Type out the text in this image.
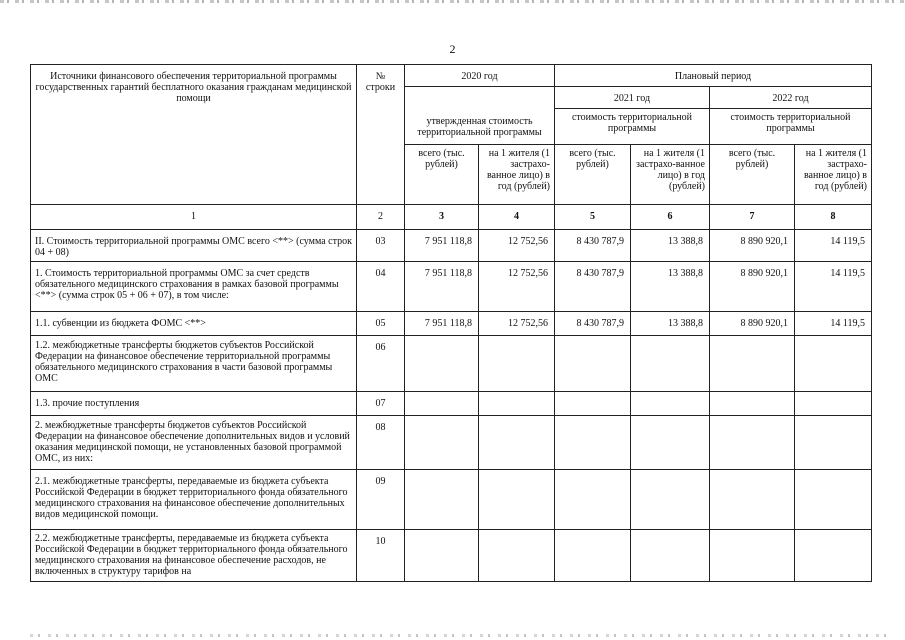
2
Источники финансового обеспечения территориальной программы государственных гарантий бесплатного оказания гражданам медицинской помощи	№ строки	2020 год		Плановый период			
		утвержденная стоимость территориальной программы		2021 год		2022 год	
				стоимость территориальной программы		стоимость территориальной программы	
		всего (тыс. рублей)	на 1 жителя (1 застрахо-ванное лицо) в год (рублей)	всего (тыс. рублей)	на 1 жителя (1 застрахо-ванное лицо) в год (рублей)	всего (тыс. рублей)	на 1 жителя (1 застрахо-ванное лицо) в год (рублей)
1	2	3	4	5	6	7	8
II. Стоимость территориальной программы ОМС всего <**> (сумма строк 04 + 08)	03	7 951 118,8	12 752,56	8 430 787,9	13 388,8	8 890 920,1	14 119,5
1. Стоимость территориальной программы ОМС за счет средств обязательного медицинского страхования в рамках базовой программы <**> (сумма строк 05 + 06 + 07), в том числе:	04	7 951 118,8	12 752,56	8 430 787,9	13 388,8	8 890 920,1	14 119,5
1.1. субвенции из бюджета ФОМС <**>	05	7 951 118,8	12 752,56	8 430 787,9	13 388,8	8 890 920,1	14 119,5
1.2. межбюджетные трансферты бюджетов субъектов Российской Федерации на финансовое обеспечение территориальной программы обязательного медицинского страхования в части базовой программы ОМС	06						
1.3. прочие поступления	07						
2. межбюджетные трансферты бюджетов субъектов Российской Федерации на финансовое обеспечение дополнительных видов и условий оказания медицинской помощи, не установленных базовой программой ОМС, из них:	08						
2.1. межбюджетные трансферты, передаваемые из бюджета субъекта Российской Федерации в бюджет территориального фонда обязательного медицинского страхования на финансовое обеспечение дополнительных видов медицинской помощи.	09						
2.2. межбюджетные трансферты, передаваемые из бюджета субъекта Российской Федерации в бюджет территориального фонда обязательного медицинского страхования на финансовое обеспечение расходов, не включенных в структуру тарифов на	10						
